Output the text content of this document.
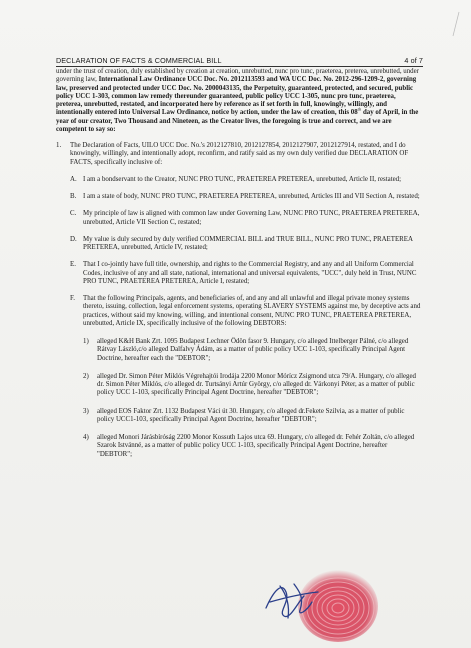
DECLARATION OF FACTS & COMMERCIAL BILL	4 of 7

under the trust of creation, duly established by creation at creation, unrebutted, nunc pro tunc, praeterea, preterea, unrebutted, under governing law, International Law Ordinance UCC Doc. No. 2012113593 and WA UCC Doc. No. 2012-296-1209-2, governing law, preserved and protected under UCC Doc. No. 2000043135, the Perpetuity, guaranteed, protected, and secured, public policy UCC 1-303, common law remedy thereunder guaranteed, public policy UCC 1-305, nunc pro tunc, praeterea, preterea, unrebutted, restated, and incorporated here by reference as if set forth in full, knowingly, willingly, and intentionally entered into Universal Law Ordinance, notice by action, under the law of creation, this 08th day of April, in the year of our creator, Two Thousand and Nineteen, as the Creator lives, the foregoing is true and correct, and we are competent to say so:

1.	The Declaration of Facts, UILO UCC Doc. No.'s 2012127810, 2012127854, 2012127907, 2012127914, restated, and I do knowingly, willingly, and intentionally adopt, reconfirm, and ratify said as my own duly verified due DECLARATION OF FACTS, specifically inclusive of:
A. I am a bondservant to the Creator, NUNC PRO TUNC, PRAETEREA PRETEREA, unrebutted, Article II, restated;
B. I am a state of body, NUNC PRO TUNC, PRAETEREA PRETEREA, unrebutted, Articles III and VII Section A, restated;
C. My principle of law is aligned with common law under Governing Law, NUNC PRO TUNC, PRAETEREA PRETEREA, unrebutted, Article VII Section C, restated;
D. My value is duly secured by duly verified COMMERCIAL BILL and TRUE BILL, NUNC PRO TUNC, PRAETEREA PRETEREA, unrebutted, Article IV, restated;
E.	That I co-jointly have full title, ownership, and rights to the Commercial Registry, and any and all Uniform Commercial Codes, inclusive of any and all state, national, international and universal equivalents, "UCC", duly held in Trust, NUNC PRO TUNC, PRAETEREA PRETEREA, Article I, restated;
F.	That the following Principals, agents, and beneficiaries of, and any and all unlawful and illegal private money systems thereto, issuing, collection, legal enforcement systems, operating SLAVERY SYSTEMS against me, by deceptive acts and practices, without said my knowing, willing, and intentional consent, NUNC PRO TUNC, PRAETEREA PRETEREA, unrebutted, Article IX, specifically inclusive of the following DEBTORS:
1)	alleged K&H Bank Zrt. 1095 Budapest Lechner Ödön fasor 9. Hungary, c/o alleged Ittelberger Pálné, c/o alleged Rátvay László,c/o alleged Dalfalvy Ádám, as a matter of public policy UCC 1-103, specifically Principal Agent Doctrine, hereafter each the "DEBTOR";
2)	alleged Dr. Simon Péter Miklós Végrehajtói Irodája 2200 Monor Mórícz Zsigmond utca 79/A. Hungary, c/o alleged dr. Simon Péter Miklós, c/o alleged dr. Turtsányi Artúr György, c/o alleged dr. Várkonyi Péter, as a matter of public policy UCC 1-103, specifically Principal Agent Doctrine, hereafter "DEBTOR";
3)	alleged EOS Faktor Zrt. 1132 Budapest Váci út 30. Hungary, c/o alleged dr.Fekete Szilvia, as a matter of public policy UCC1-103, specifically Principal Agent Doctrine, hereafter "DEBTOR";
4)	alleged Monori Járásbíróság 2200 Monor Kossuth Lajos utca 69. Hungary, c/o alleged dr. Fehér Zoltán, c/o alleged Szarok Istvánné, as a matter of public policy UCC 1-103, specifically Principal Agent Doctrine, hereafter "DEBTOR";
